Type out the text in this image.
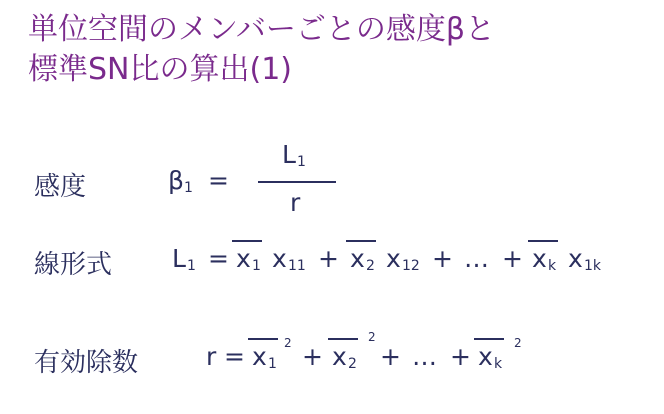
単位空間のメンバーごとの感度βと
標準SN比の算出(1)
感度	β 1 =
L 1
r
線形式 L 1 = x 1 x 11 + x 2 x 12 + … + x k x 1k
有効除数	r = x 1
2 + x 2
2
+ … + x k
2
